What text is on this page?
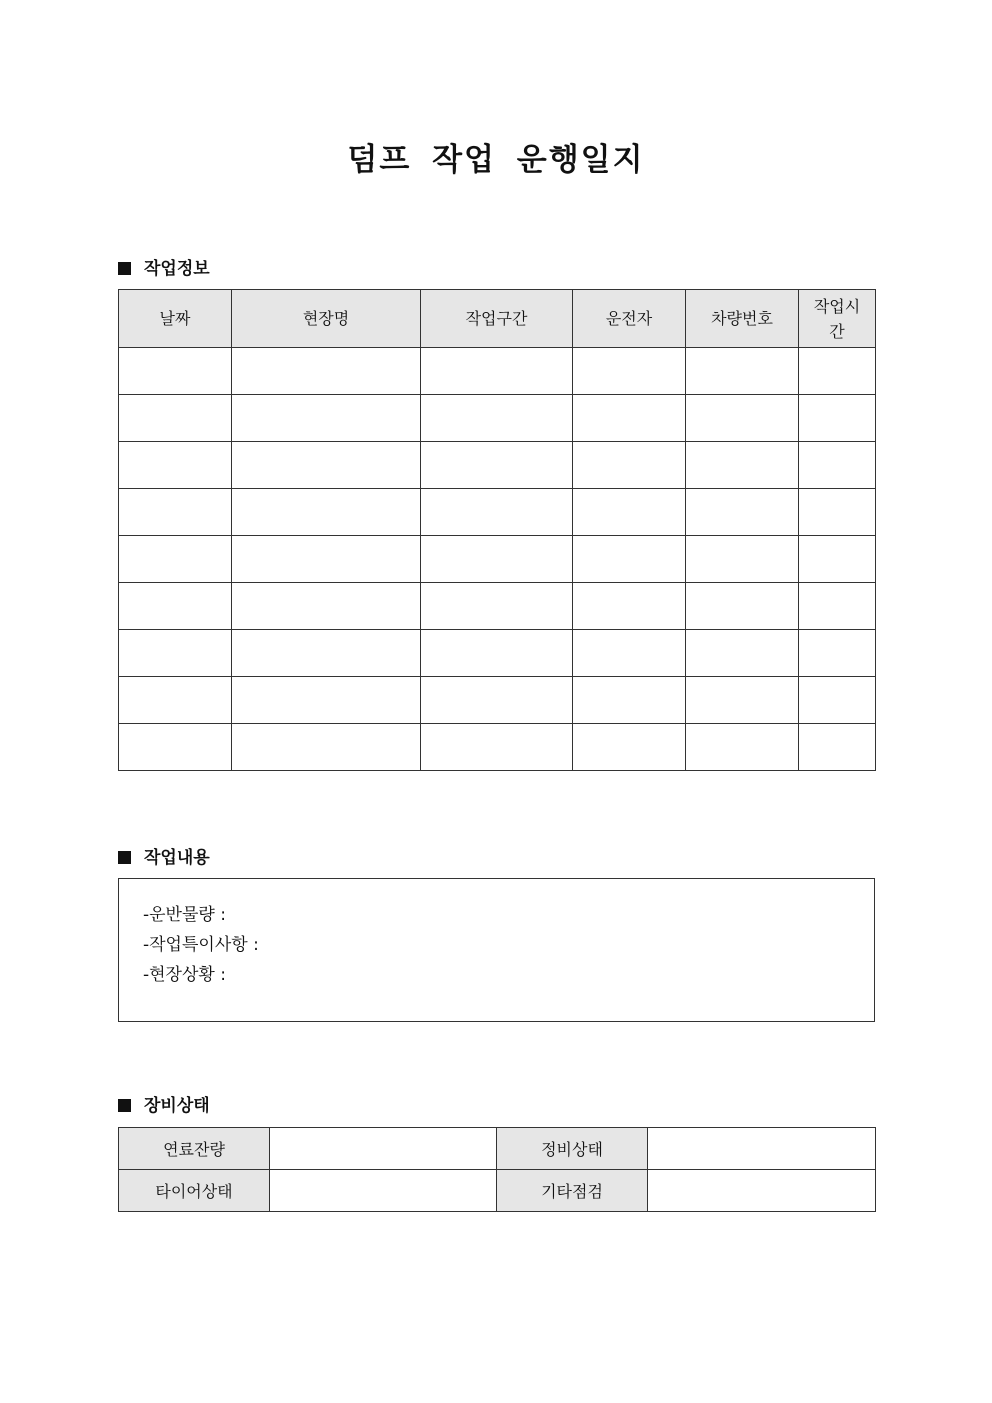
덤프 작업 운행일지
작업정보
날짜	현장명	작업구간	운전자	차량번호	작업시간

작업내용
-운반물량 :
-작업특이사항 :
-현장상황 :
장비상태
연료잔량		정비상태	
타이어상태		기타점검	
